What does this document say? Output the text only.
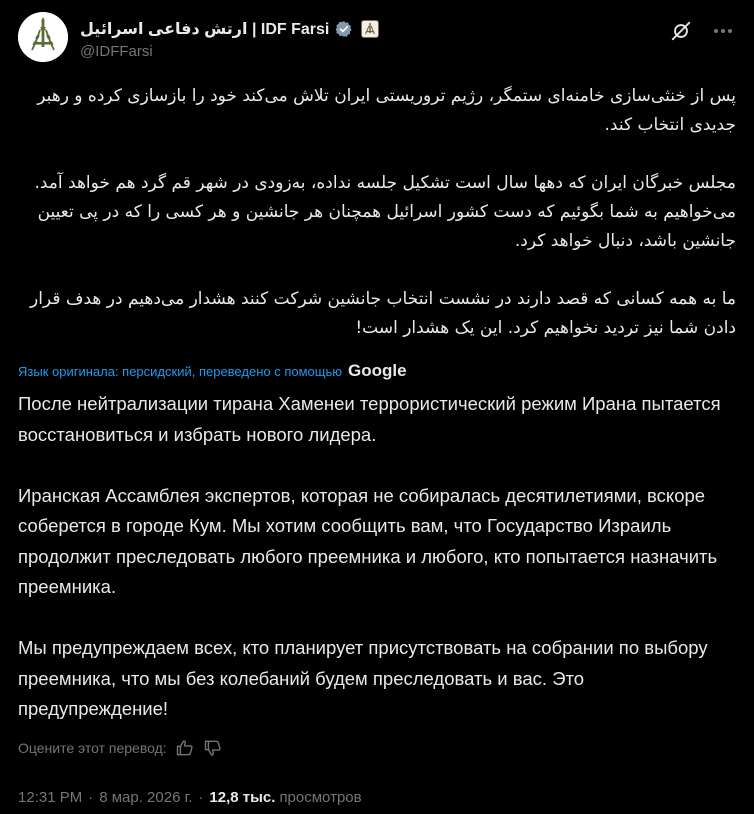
ارتش دفاعی اسرائیل | IDF Farsi
@IDFFarsi

پس از خنثی‌سازی خامنه‌ای ستمگر، رژیم تروریستی ایران تلاش می‌کند خود را بازسازی کرده و رهبر جدیدی انتخاب کند.

مجلس خبرگان ایران که دهها سال است تشکیل جلسه نداده، به‌زودی در شهر قم گرد هم خواهد آمد. می‌خواهیم به شما بگوئیم که دست کشور اسرائیل همچنان هر جانشین و هر کسی را که در پی تعیین جانشین باشد، دنبال خواهد کرد.

ما به همه کسانی که قصد دارند در نشست انتخاب جانشین شرکت کنند هشدار می‌دهیم در هدف قرار دادن شما نیز تردید نخواهیم کرد. این یک هشدار است!

Язык оригинала: персидский, переведено с помощью Google

После нейтрализации тирана Хаменеи террористический режим Ирана пытается восстановиться и избрать нового лидера.

Иранская Ассамблея экспертов, которая не собиралась десятилетиями, вскоре соберется в городе Кум. Мы хотим сообщить вам, что Государство Израиль продолжит преследовать любого преемника и любого, кто попытается назначить преемника.

Мы предупреждаем всех, кто планирует присутствовать на собрании по выбору преемника, что мы без колебаний будем преследовать и вас. Это предупреждение!

Оцените этот перевод:
12:31 PM · 8 мар. 2026 г. · 12,8 тыс. просмотров
